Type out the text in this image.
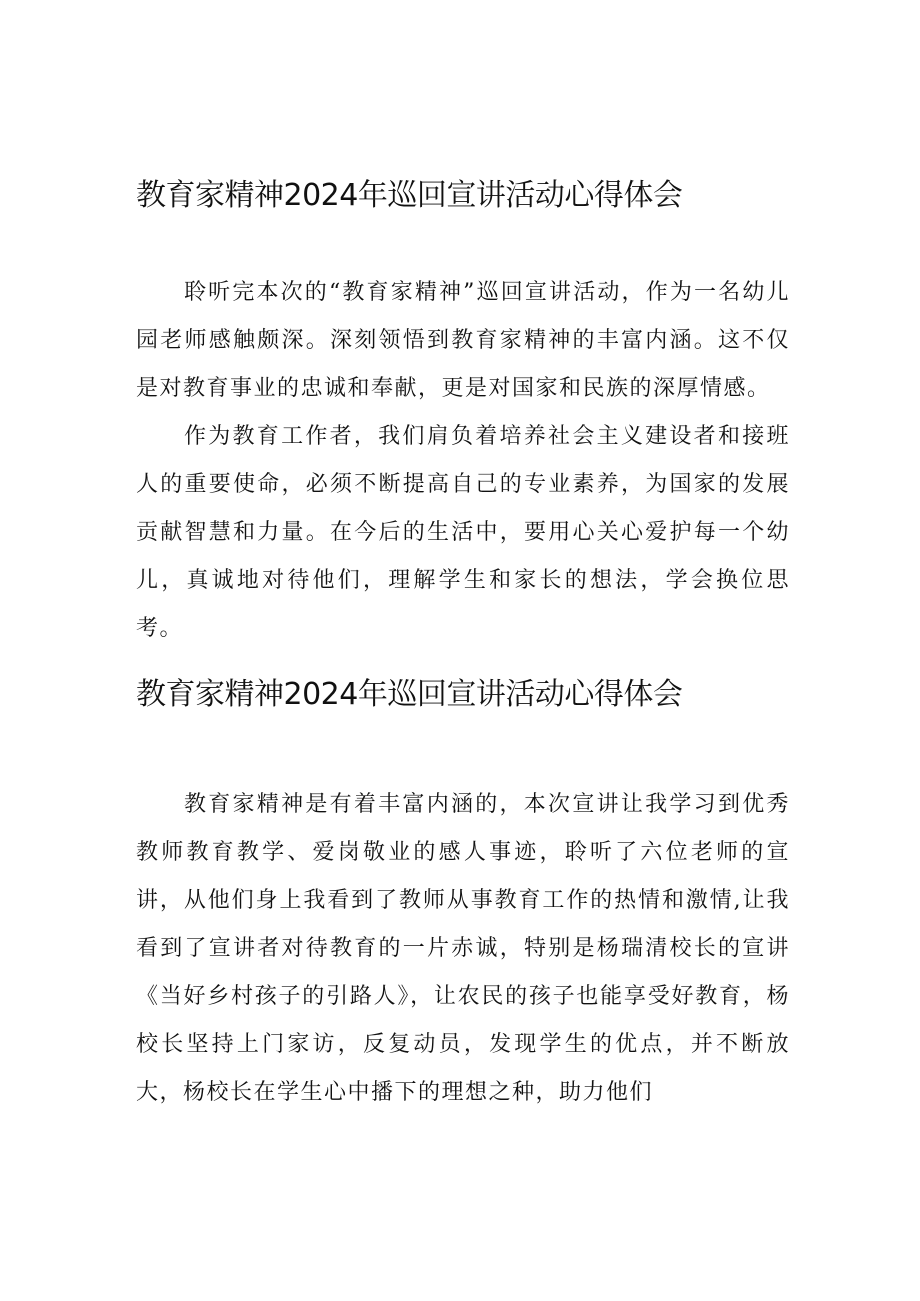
教育家精神2024年巡回宣讲活动心得体会

聆听完本次的“教育家精神”巡回宣讲活动，作为一名幼儿园老师感触颇深。深刻领悟到教育家精神的丰富内涵。这不仅是对教育事业的忠诚和奉献，更是对国家和民族的深厚情感。

作为教育工作者，我们肩负着培养社会主义建设者和接班人的重要使命，必须不断提高自己的专业素养，为国家的发展贡献智慧和力量。在今后的生活中，要用心关心爱护每一个幼儿，真诚地对待他们，理解学生和家长的想法，学会换位思考。

教育家精神2024年巡回宣讲活动心得体会

教育家精神是有着丰富内涵的，本次宣讲让我学习到优秀教师教育教学、爱岗敬业的感人事迹，聆听了六位老师的宣讲，从他们身上我看到了教师从事教育工作的热情和激情,让我看到了宣讲者对待教育的一片赤诚，特别是杨瑞清校长的宣讲《当好乡村孩子的引路人》，让农民的孩子也能享受好教育，杨校长坚持上门家访，反复动员，发现学生的优点，并不断放大，杨校长在学生心中播下的理想之种，助力他们
